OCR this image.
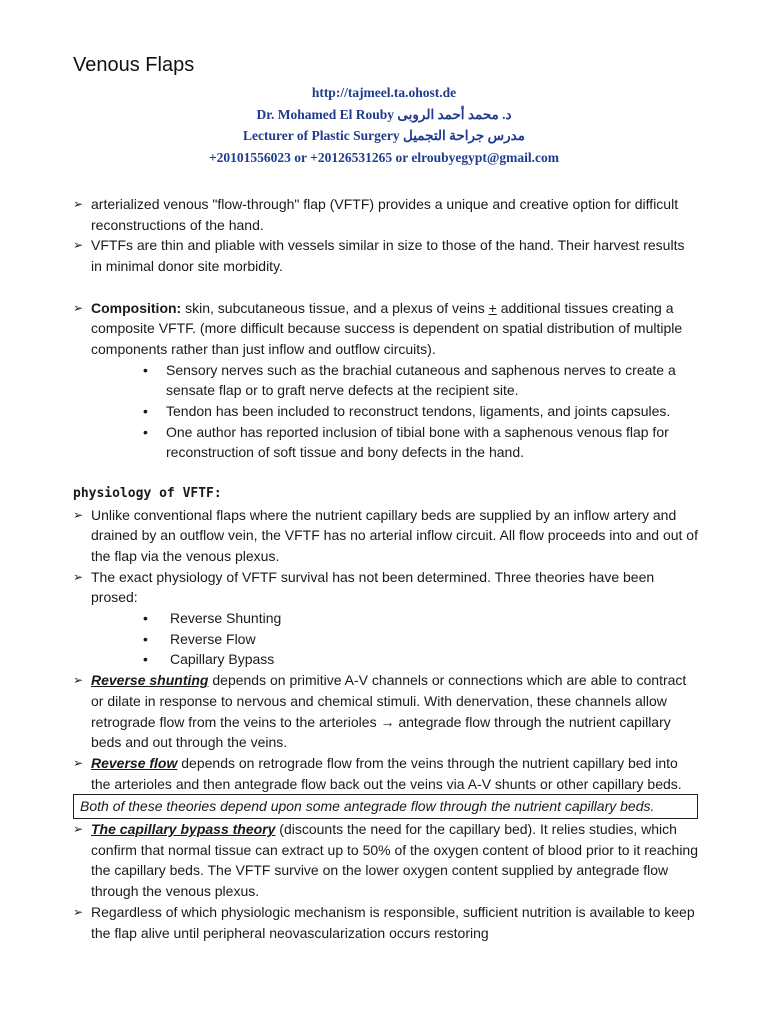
Venous Flaps
http://tajmeel.ta.ohost.de
Dr. Mohamed El Rouby د. محمد أحمد الروبى
Lecturer of Plastic Surgery مدرس جراحة التجميل
+20101556023 or +20126531265 or elroubyegypt@gmail.com
➢ arterialized venous "flow-through" flap (VFTF) provides a unique and creative option for difficult reconstructions of the hand.
➢ VFTFs are thin and pliable with vessels similar in size to those of the hand. Their harvest results in minimal donor site morbidity.
➢ Composition: skin, subcutaneous tissue, and a plexus of veins + additional tissues creating a composite VFTF. (more difficult because success is dependent on spatial distribution of multiple components rather than just inflow and outflow circuits).
• Sensory nerves such as the brachial cutaneous and saphenous nerves to create a sensate flap or to graft nerve defects at the recipient site.
• Tendon has been included to reconstruct tendons, ligaments, and joints capsules.
• One author has reported inclusion of tibial bone with a saphenous venous flap for reconstruction of soft tissue and bony defects in the hand.
physiology of VFTF:
➢ Unlike conventional flaps where the nutrient capillary beds are supplied by an inflow artery and drained by an outflow vein, the VFTF has no arterial inflow circuit. All flow proceeds into and out of the flap via the venous plexus.
➢ The exact physiology of VFTF survival has not been determined. Three theories have been prosed:
• Reverse Shunting
• Reverse Flow
• Capillary Bypass
➢ Reverse shunting depends on primitive A-V channels or connections which are able to contract or dilate in response to nervous and chemical stimuli. With denervation, these channels allow retrograde flow from the veins to the arterioles → antegrade flow through the nutrient capillary beds and out through the veins.
➢ Reverse flow depends on retrograde flow from the veins through the nutrient capillary bed into the arterioles and then antegrade flow back out the veins via A-V shunts or other capillary beds.
Both of these theories depend upon some antegrade flow through the nutrient capillary beds.
➢ The capillary bypass theory (discounts the need for the capillary bed). It relies studies, which confirm that normal tissue can extract up to 50% of the oxygen content of blood prior to it reaching the capillary beds. The VFTF survive on the lower oxygen content supplied by antegrade flow through the venous plexus.
➢ Regardless of which physiologic mechanism is responsible, sufficient nutrition is available to keep the flap alive until peripheral neovascularization occurs restoring
